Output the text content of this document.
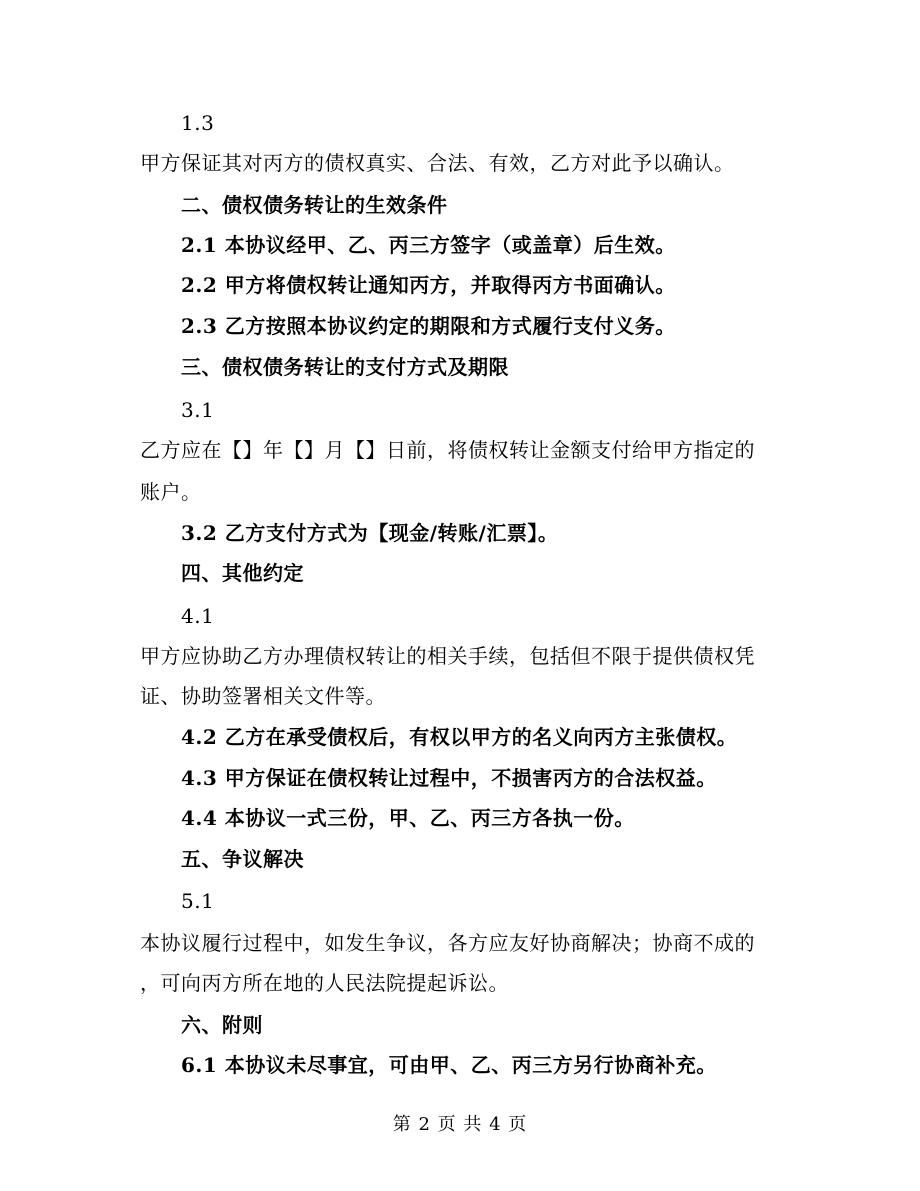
1.3
甲方保证其对丙方的债权真实、合法、有效，乙方对此予以确认。
二、债权债务转让的生效条件
2.1 本协议经甲、乙、丙三方签字（或盖章）后生效。
2.2 甲方将债权转让通知丙方，并取得丙方书面确认。
2.3 乙方按照本协议约定的期限和方式履行支付义务。
三、债权债务转让的支付方式及期限
3.1
乙方应在【】年【】月【】日前，将债权转让金额支付给甲方指定的
账户。
3.2 乙方支付方式为【现金/转账/汇票】。
四、其他约定
4.1
甲方应协助乙方办理债权转让的相关手续，包括但不限于提供债权凭
证、协助签署相关文件等。
4.2 乙方在承受债权后，有权以甲方的名义向丙方主张债权。
4.3 甲方保证在债权转让过程中，不损害丙方的合法权益。
4.4 本协议一式三份，甲、乙、丙三方各执一份。
五、争议解决
5.1
本协议履行过程中，如发生争议，各方应友好协商解决；协商不成的
，可向丙方所在地的人民法院提起诉讼。
六、附则
6.1 本协议未尽事宜，可由甲、乙、丙三方另行协商补充。
第 2 页 共 4 页
